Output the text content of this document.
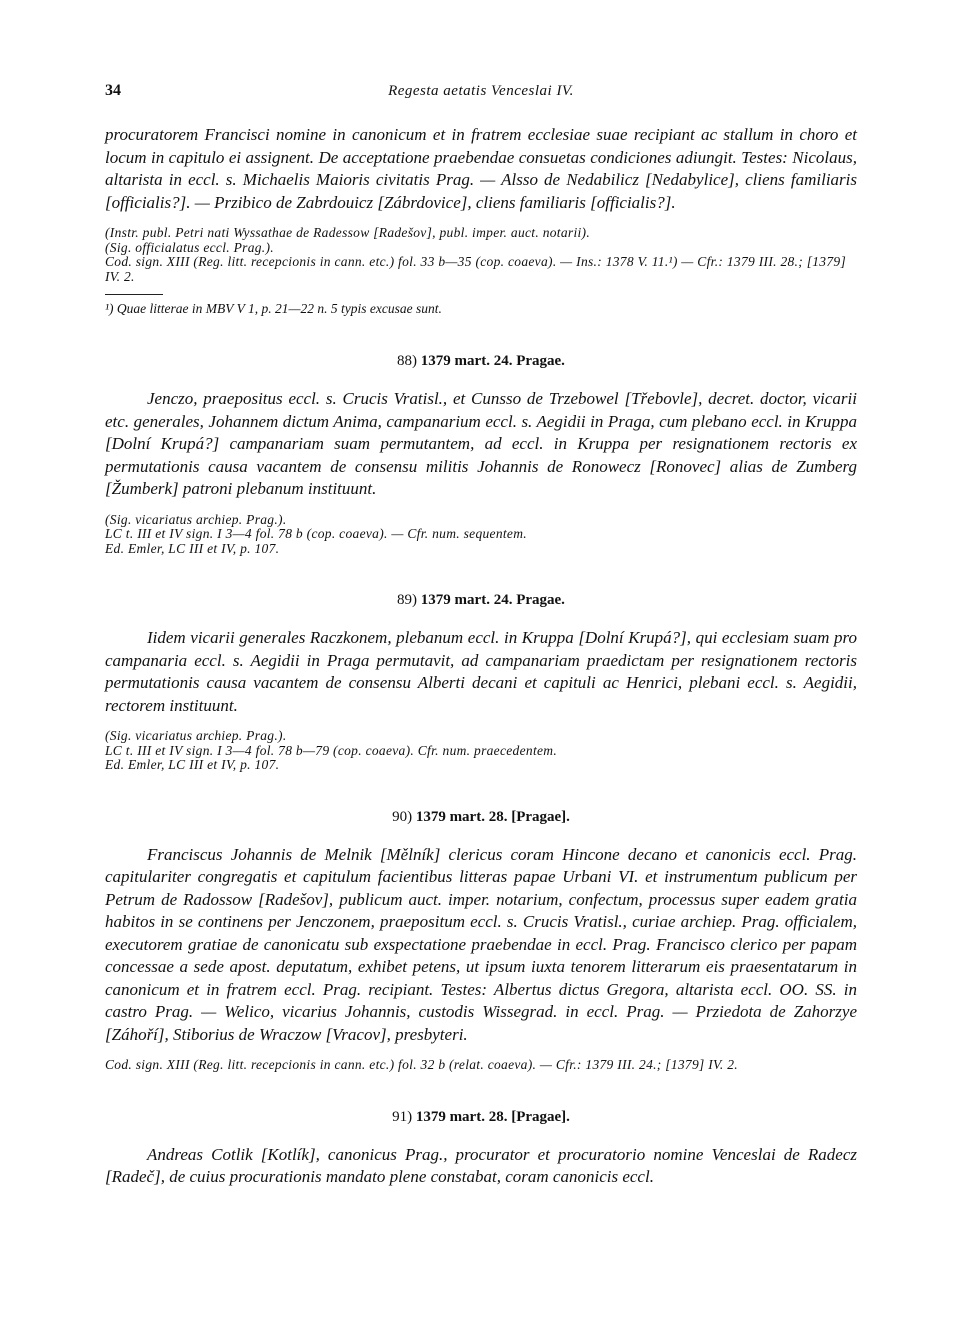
34	Regesta aetatis Venceslai IV.

procuratorem Francisci nomine in canonicum et in fratrem ecclesiae suae recipiant ac stallum in choro et locum in capitulo ei assignent. De acceptatione praebendae consuetas condiciones adiungit. Testes: Nicolaus, altarista in eccl. s. Michaelis Maioris civitatis Prag. — Alsso de Nedabilicz [Nedabylice], cliens familiaris [officialis?]. — Przibico de Zabrdouicz [Zábrdovice], cliens familiaris [officialis?].

(Instr. publ. Petri nati Wyssathae de Radessow [Radešov], publ. imper. auct. notarii).
(Sig. officialatus eccl. Prag.).
Cod. sign. XIII (Reg. litt. recepcionis in cann. etc.) fol. 33 b—35 (cop. coaeva). — Ins.: 1378 V. 11.¹) — Cfr.: 1379 III. 28.; [1379] IV. 2.
¹) Quae litterae in MBV V 1, p. 21—22 n. 5 typis excusae sunt.
88) 1379 mart. 24. Pragae.

Jenczo, praepositus eccl. s. Crucis Vratisl., et Cunsso de Trzebowel [Třebovle], decret. doctor, vicarii etc. generales, Johannem dictum Anima, campanarium eccl. s. Aegidii in Praga, cum plebano eccl. in Kruppa [Dolní Krupá?] campanariam suam permutantem, ad eccl. in Kruppa per resignationem rectoris ex permutationis causa vacantem de consensu militis Johannis de Ronowecz [Ronovec] alias de Zumberg [Žumberk] patroni plebanum instituunt.

(Sig. vicariatus archiep. Prag.).
LC t. III et IV sign. I 3—4 fol. 78 b (cop. coaeva). — Cfr. num. sequentem.
Ed. Emler, LC III et IV, p. 107.
89) 1379 mart. 24. Pragae.

Iidem vicarii generales Raczkonem, plebanum eccl. in Kruppa [Dolní Krupá?], qui ecclesiam suam pro campanaria eccl. s. Aegidii in Praga permutavit, ad campanariam praedictam per resignationem rectoris permutationis causa vacantem de consensu Alberti decani et capituli ac Henrici, plebani eccl. s. Aegidii, rectorem instituunt.

(Sig. vicariatus archiep. Prag.).
LC t. III et IV sign. I 3—4 fol. 78 b—79 (cop. coaeva). Cfr. num. praecedentem.
Ed. Emler, LC III et IV, p. 107.
90) 1379 mart. 28. [Pragae].

Franciscus Johannis de Melnik [Mělník] clericus coram Hincone decano et canonicis eccl. Prag. capitulariter congregatis et capitulum facientibus litteras papae Urbani VI. et instrumentum publicum per Petrum de Radossow [Radešov], publicum auct. imper. notarium, confectum, processus super eadem gratia habitos in se continens per Jenczonem, praepositum eccl. s. Crucis Vratisl., curiae archiep. Prag. officialem, executorem gratiae de canonicatu sub exspectatione praebendae in eccl. Prag. Francisco clerico per papam concessae a sede apost. deputatum, exhibet petens, ut ipsum iuxta tenorem litterarum eis praesentatarum in canonicum et in fratrem eccl. Prag. recipiant. Testes: Albertus dictus Gregora, altarista eccl. OO. SS. in castro Prag. — Welico, vicarius Johannis, custodis Wissegrad. in eccl. Prag. — Prziedota de Zahorzye [Záhoří], Stiborius de Wraczow [Vracov], presbyteri.

Cod. sign. XIII (Reg. litt. recepcionis in cann. etc.) fol. 32 b (relat. coaeva). — Cfr.: 1379 III. 24.; [1379] IV. 2.
91) 1379 mart. 28. [Pragae].

Andreas Cotlik [Kotlík], canonicus Prag., procurator et procuratorio nomine Venceslai de Radecz [Radeč], de cuius procurationis mandato plene constabat, coram canonicis eccl.
